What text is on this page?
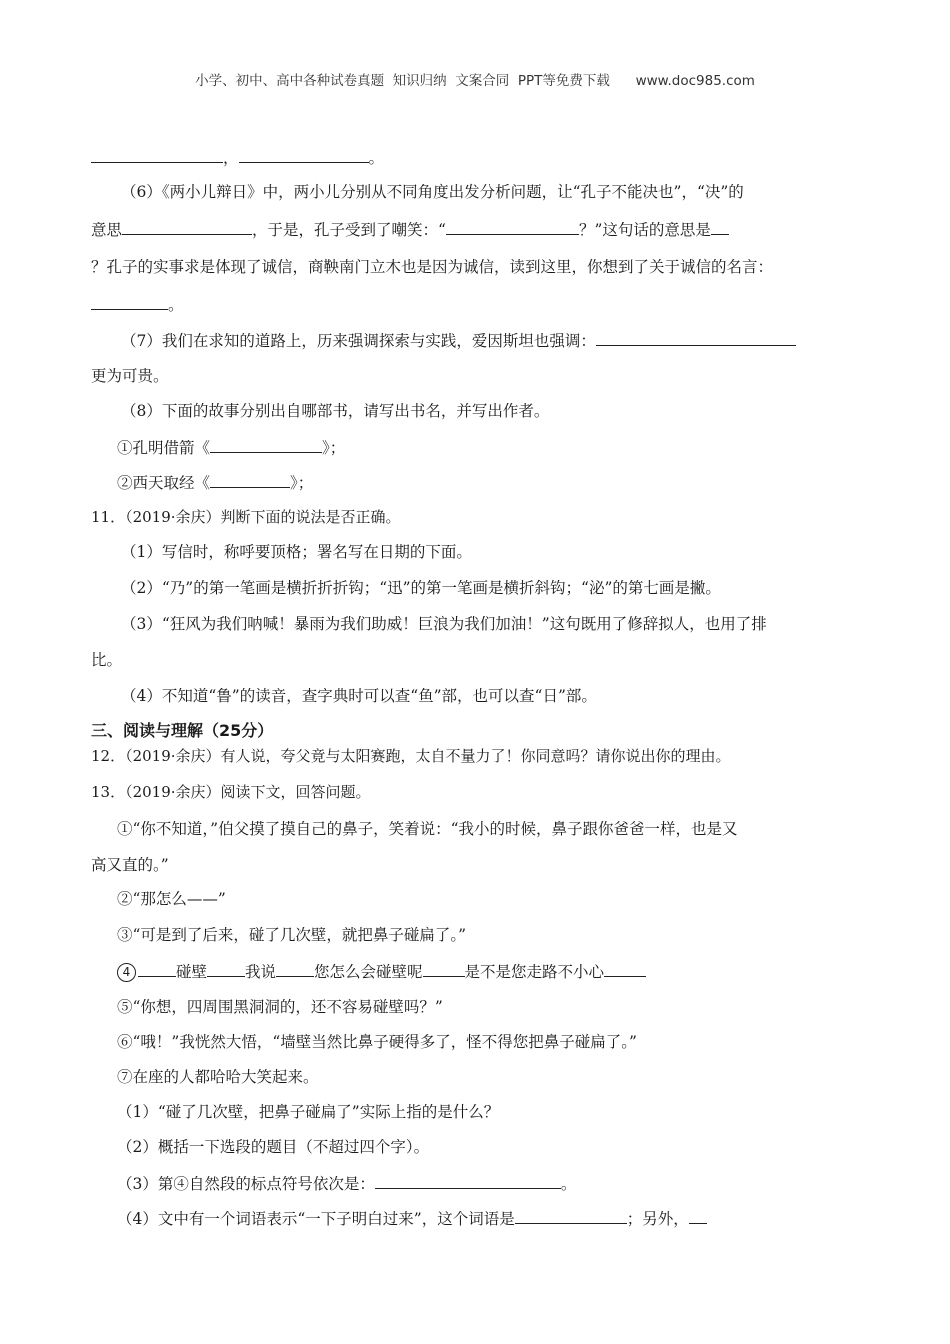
小学、初中、高中各种试卷真题  知识归纳  文案合同  PPT等免费下载      www.doc985.com
，	。
（6）《两小儿辩日》中，两小儿分别从不同角度出发分析问题，让“孔子不能决也”，“决”的
意思	，于是，孔子受到了嘲笑：“	？”这句话的意思是
？孔子的实事求是体现了诚信，商鞅南门立木也是因为诚信，读到这里，你想到了关于诚信的名言：
。
（7）我们在求知的道路上，历来强调探索与实践，爱因斯坦也强调：
更为可贵。
（8）下面的故事分别出自哪部书，请写出书名，并写出作者。
①孔明借箭《	》；
②西天取经《	》；
11．（2019·余庆）判断下面的说法是否正确。
（1）写信时，称呼要顶格；署名写在日期的下面。
（2）“乃”的第一笔画是横折折折钩；“迅”的第一笔画是横折斜钩；“泌”的第七画是撇。
（3）“狂风为我们呐喊！暴雨为我们助威！巨浪为我们加油！”这句既用了修辞拟人，也用了排
比。
（4）不知道“鲁”的读音，查字典时可以查“鱼”部，也可以查“日”部。
三、阅读与理解（25分）
12．（2019·余庆）有人说，夸父竟与太阳赛跑，太自不量力了！你同意吗？请你说出你的理由。
13．（2019·余庆）阅读下文，回答问题。
①“你不知道，”伯父摸了摸自己的鼻子，笑着说：“我小的时候，鼻子跟你爸爸一样，也是又
高又直的。”
②“那怎么——”
③“可是到了后来，碰了几次壁，就把鼻子碰扁了。”
4	碰壁 我说 您怎么会碰壁呢	是不是您走路不小心
⑤“你想，四周围黑洞洞的，还不容易碰壁吗？”
⑥“哦！”我恍然大悟，“墙壁当然比鼻子硬得多了，怪不得您把鼻子碰扁了。”
⑦在座的人都哈哈大笑起来。
（1）“碰了几次壁，把鼻子碰扁了”实际上指的是什么？
（2）概括一下选段的题目（不超过四个字）。
（3）第④自然段的标点符号依次是：	。
（4）文中有一个词语表示“一下子明白过来”，这个词语是	；另外，
